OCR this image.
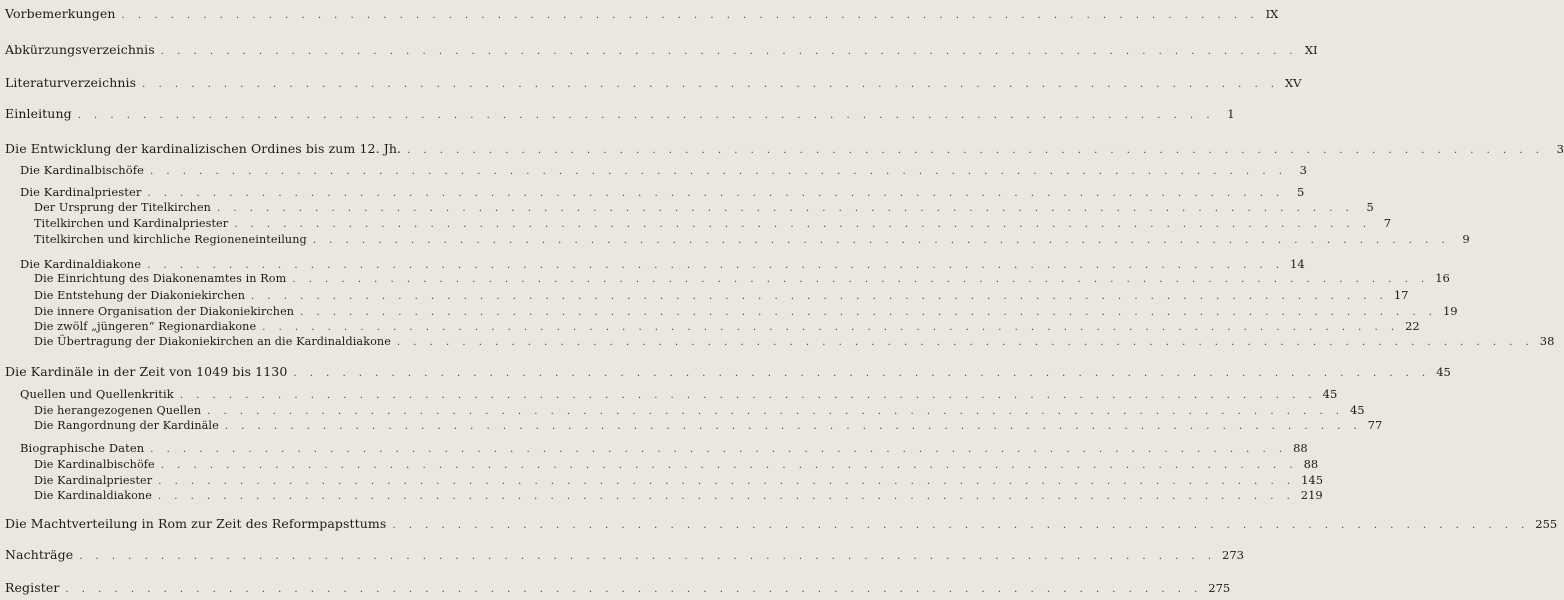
Vorbemerkungen . . .	IX
Abkürzungsverzeichnis . . .	XI
Literaturverzeichnis . . .	XV
Einleitung . . .	1
Die Entwicklung der kardinalizischen Ordines bis zum 12. Jh. . . .	3
Die Kardinalbischöfe . . .	3
Die Kardinalpriester . . .	5
Der Ursprung der Titelkirchen . . .	5
Titelkirchen und Kardinalpriester . . .	7
Titelkirchen und kirchliche Regioneneinteilung . . .	9
Die Kardinaldiakone . . .	14
Die Einrichtung des Diakonenamtes in Rom . . .	16
Die Entstehung der Diakoniekirchen . . .	17
Die innere Organisation der Diakoniekirchen . . .	19
Die zwölf „jüngeren“ Regionardiakone . . .	22
Die Übertragung der Diakoniekirchen an die Kardinaldiakone . . .	38
Die Kardinäle in der Zeit von 1049 bis 1130 . . .	45
Quellen und Quellenkritik . . .	45
Die herangezogenen Quellen . . .	45
Die Rangordnung der Kardinäle . . .	77
Biographische Daten . . .	88
Die Kardinalbischöfe . . .	88
Die Kardinalpriester . . .	145
Die Kardinaldiakone . . .	219
Die Machtverteilung in Rom zur Zeit des Reformpapsttums . . .	255
Nachträge . . .	273
Register . . .	275
